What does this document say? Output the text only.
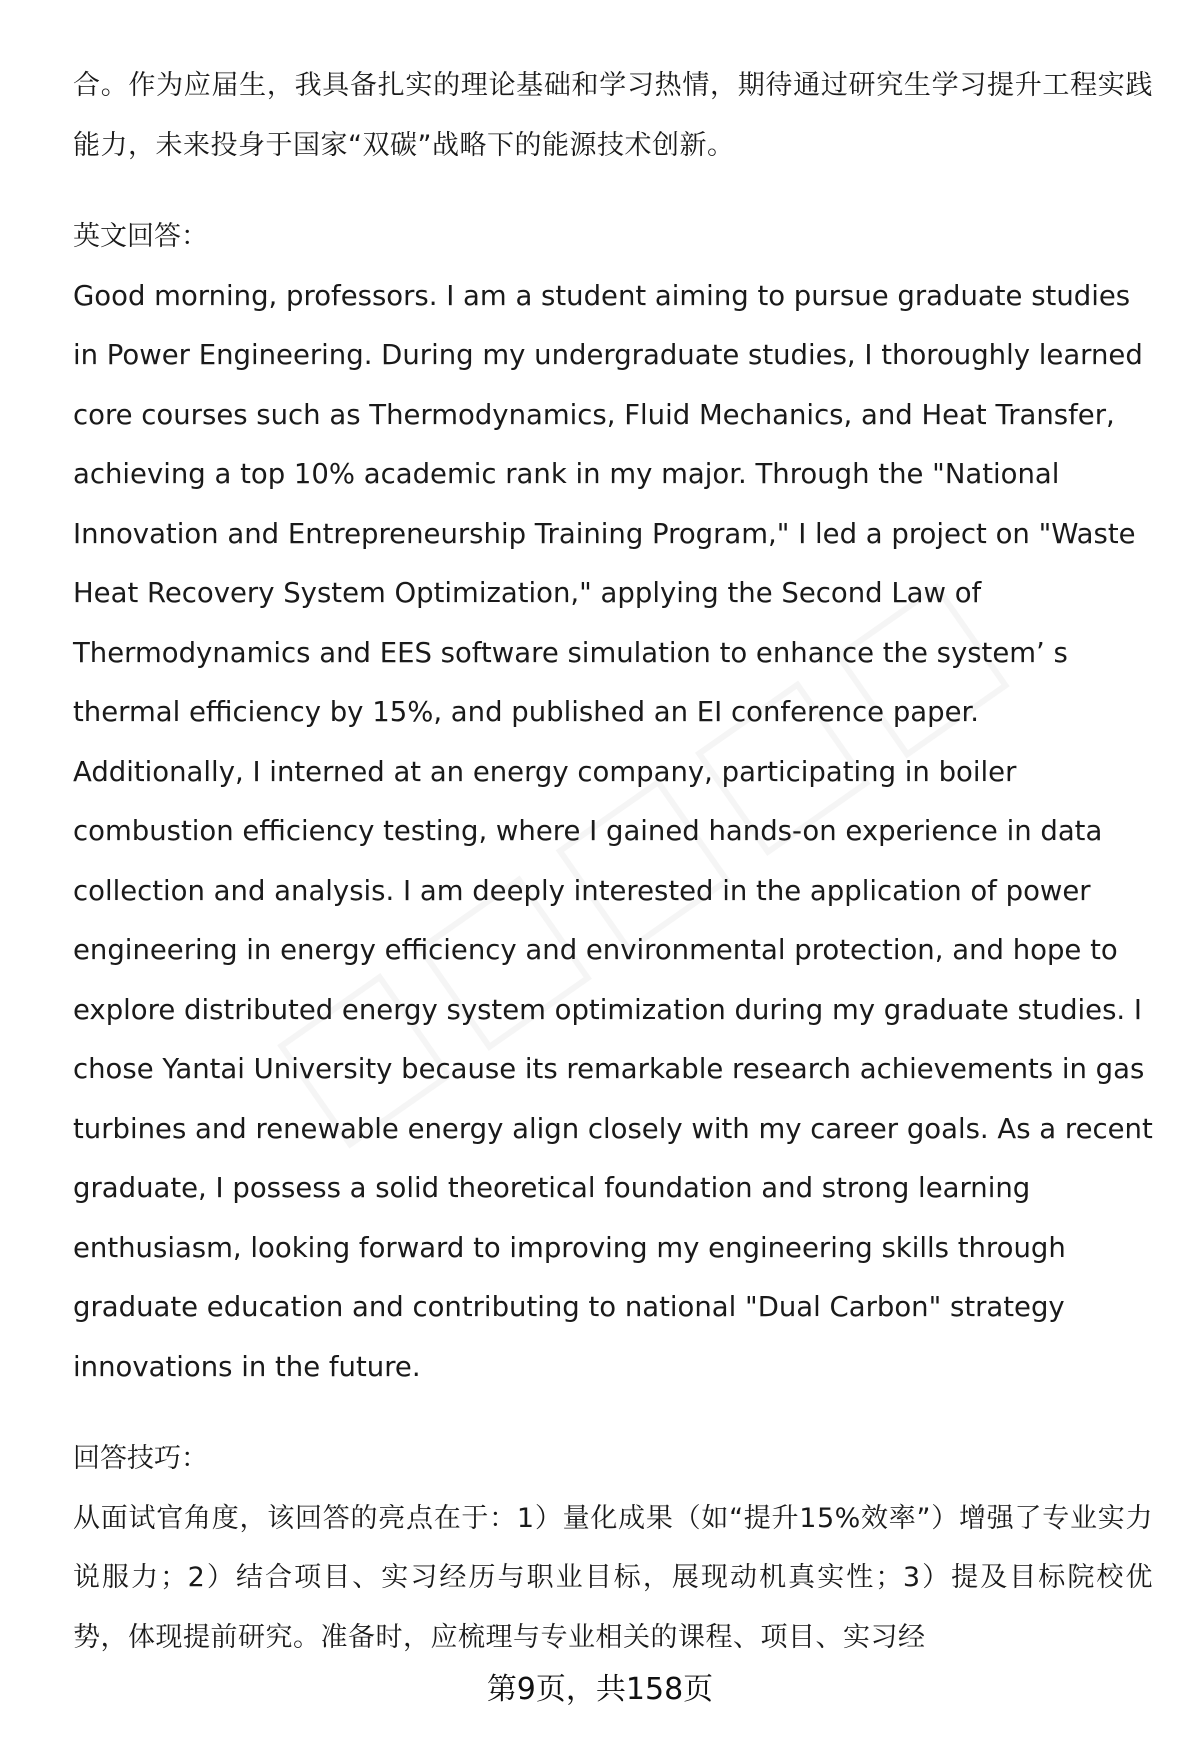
合。作为应届生，我具备扎实的理论基础和学习热情，期待通过研究生学习提升工程实践能力，未来投身于国家“双碳”战略下的能源技术创新。

英文回答：

Good morning, professors. I am a student aiming to pursue graduate studies in Power Engineering. During my undergraduate studies, I thoroughly learned core courses such as Thermodynamics, Fluid Mechanics, and Heat Transfer, achieving a top 10% academic rank in my major. Through the "National Innovation and Entrepreneurship Training Program," I led a project on "Waste Heat Recovery System Optimization," applying the Second Law of Thermodynamics and EES software simulation to enhance the system’ s thermal efficiency by 15%, and published an EI conference paper. Additionally, I interned at an energy company, participating in boiler combustion efficiency testing, where I gained hands-on experience in data collection and analysis. I am deeply interested in the application of power engineering in energy efficiency and environmental protection, and hope to explore distributed energy system optimization during my graduate studies. I chose Yantai University because its remarkable research achievements in gas turbines and renewable energy align closely with my career goals. As a recent graduate, I possess a solid theoretical foundation and strong learning enthusiasm, looking forward to improving my engineering skills through graduate education and contributing to national "Dual Carbon" strategy innovations in the future.

回答技巧：

从面试官角度，该回答的亮点在于：1）量化成果（如“提升15%效率”）增强了专业实力说服力；2）结合项目、实习经历与职业目标，展现动机真实性；3）提及目标院校优势，体现提前研究。准备时，应梳理与专业相关的课程、项目、实习经

第9页，共158页
